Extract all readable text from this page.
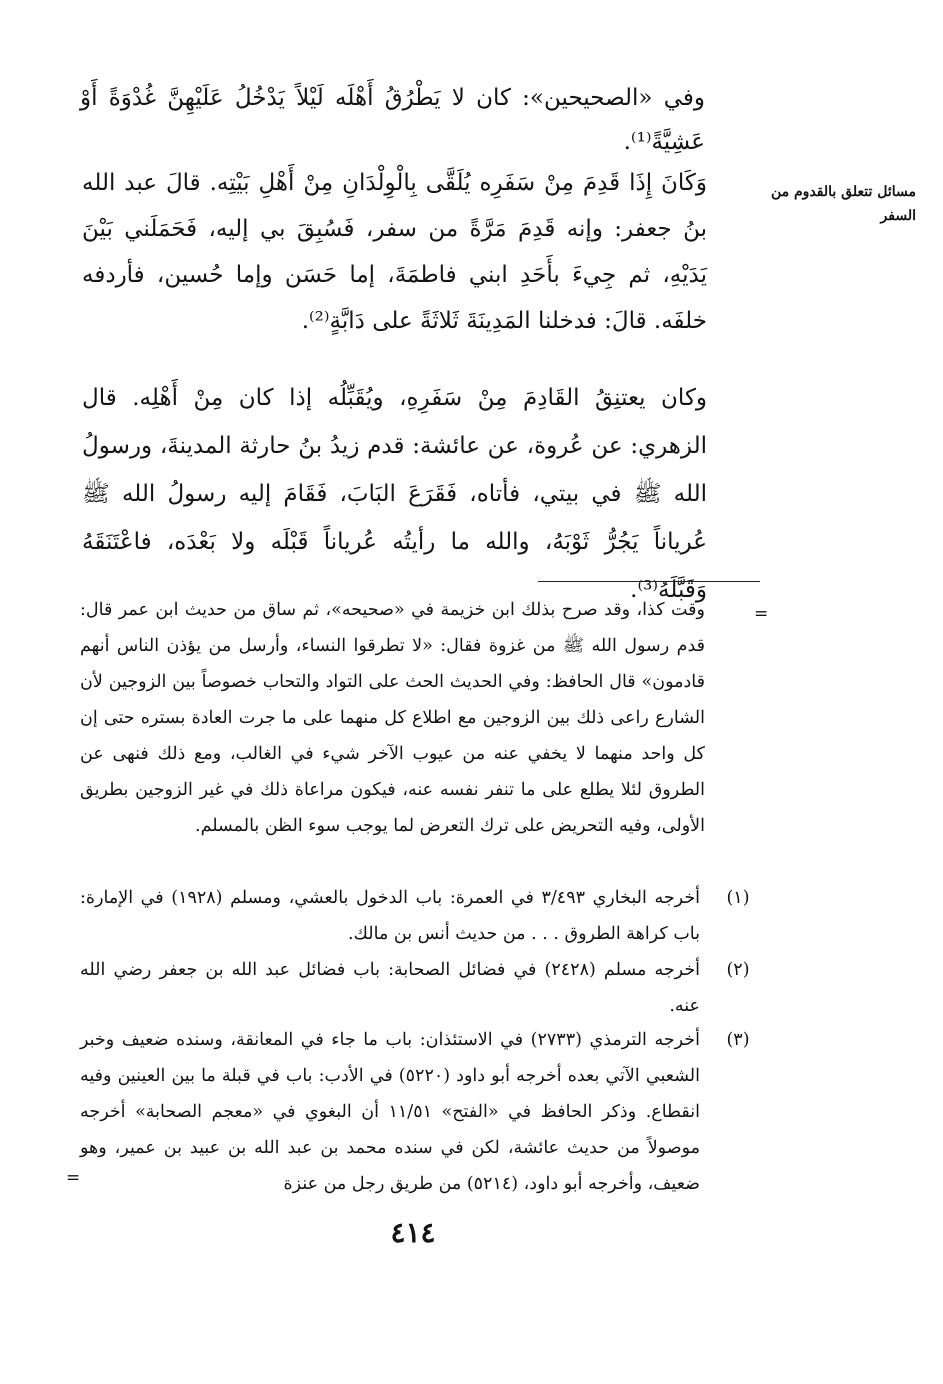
وفي «الصحيحين»: كان لا يَطْرُقُ أَهْلَه لَيْلاً يَدْخُلُ عَلَيْهِنَّ غُدْوَةً أَوْ عَشِيَّةً⁽¹⁾.
وَكَانَ إِذَا قَدِمَ مِنْ سَفَرِه يُلَقَّى بِالْوِلْدَانِ مِنْ أَهْلِ بَيْتِه. قالَ عبد الله بنُ جعفر: وإنه قَدِمَ مَرَّةً من سفر، فَسُبِقَ بي إليه، فَحَمَلَني بَيْنَ يَدَيْهِ، ثم جِيءَ بأَحَدِ ابني فاطمَةَ، إما حَسَن وإما حُسين، فأردفه خلفَه. قالَ: فدخلنا المَدِينَةَ ثَلاثَةً على دَابَّةٍ⁽²⁾.
وكان يعتنِقُ القَادِمَ مِنْ سَفَرِهِ، ويُقَبِّلُه إذا كان مِنْ أَهْلِه. قال الزهري: عن عُروة، عن عائشة: قدم زيدُ بنُ حارثة المدينةَ، ورسولُ الله ﷺ في بيتي، فأتاه، فَقَرَعَ البَابَ، فَقَامَ إليه رسولُ الله ﷺ عُرياناً يَجُرُّ ثَوْبَهُ، والله ما رأيتُه عُرياناً قَبْلَه ولا بَعْدَه، فاعْتَنَقَهُ وَقَبَّلَهُ⁽³⁾.
مسائل تتعلق بالقدوم من السفر
=
وقت كذا، وقد صرح بذلك ابن خزيمة في «صحيحه»، ثم ساق من حديث ابن عمر قال: قدم رسول الله ﷺ من غزوة فقال: «لا تطرقوا النساء، وأرسل من يؤذن الناس أنهم قادمون» قال الحافظ: وفي الحديث الحث على التواد والتحاب خصوصاً بين الزوجين لأن الشارع راعى ذلك بين الزوجين مع اطلاع كل منهما على ما جرت العادة بستره حتى إن كل واحد منهما لا يخفي عنه من عيوب الآخر شيء في الغالب، ومع ذلك فنهى عن الطروق لئلا يطلع على ما تنفر نفسه عنه، فيكون مراعاة ذلك في غير الزوجين بطريق الأولى، وفيه التحريض على ترك التعرض لما يوجب سوء الظن بالمسلم.
(١)
أخرجه البخاري ٣/٤٩٣ في العمرة: باب الدخول بالعشي، ومسلم (١٩٢٨) في الإمارة: باب كراهة الطروق . . . من حديث أنس بن مالك.
(٢)
أخرجه مسلم (٢٤٢٨) في فضائل الصحابة: باب فضائل عبد الله بن جعفر رضي الله عنه.
(٣)
أخرجه الترمذي (٢٧٣٣) في الاستئذان: باب ما جاء في المعانقة، وسنده ضعيف وخبر الشعبي الآتي بعده أخرجه أبو داود (٥٢٢٠) في الأدب: باب في قبلة ما بين العينين وفيه انقطاع. وذكر الحافظ في «الفتح» ١١/٥١ أن البغوي في «معجم الصحابة» أخرجه موصولاً من حديث عائشة، لكن في سنده محمد بن عبد الله بن عبيد بن عمير، وهو ضعيف، وأخرجه أبو داود، (٥٢١٤) من طريق رجل من عنزة
=
٤١٤
